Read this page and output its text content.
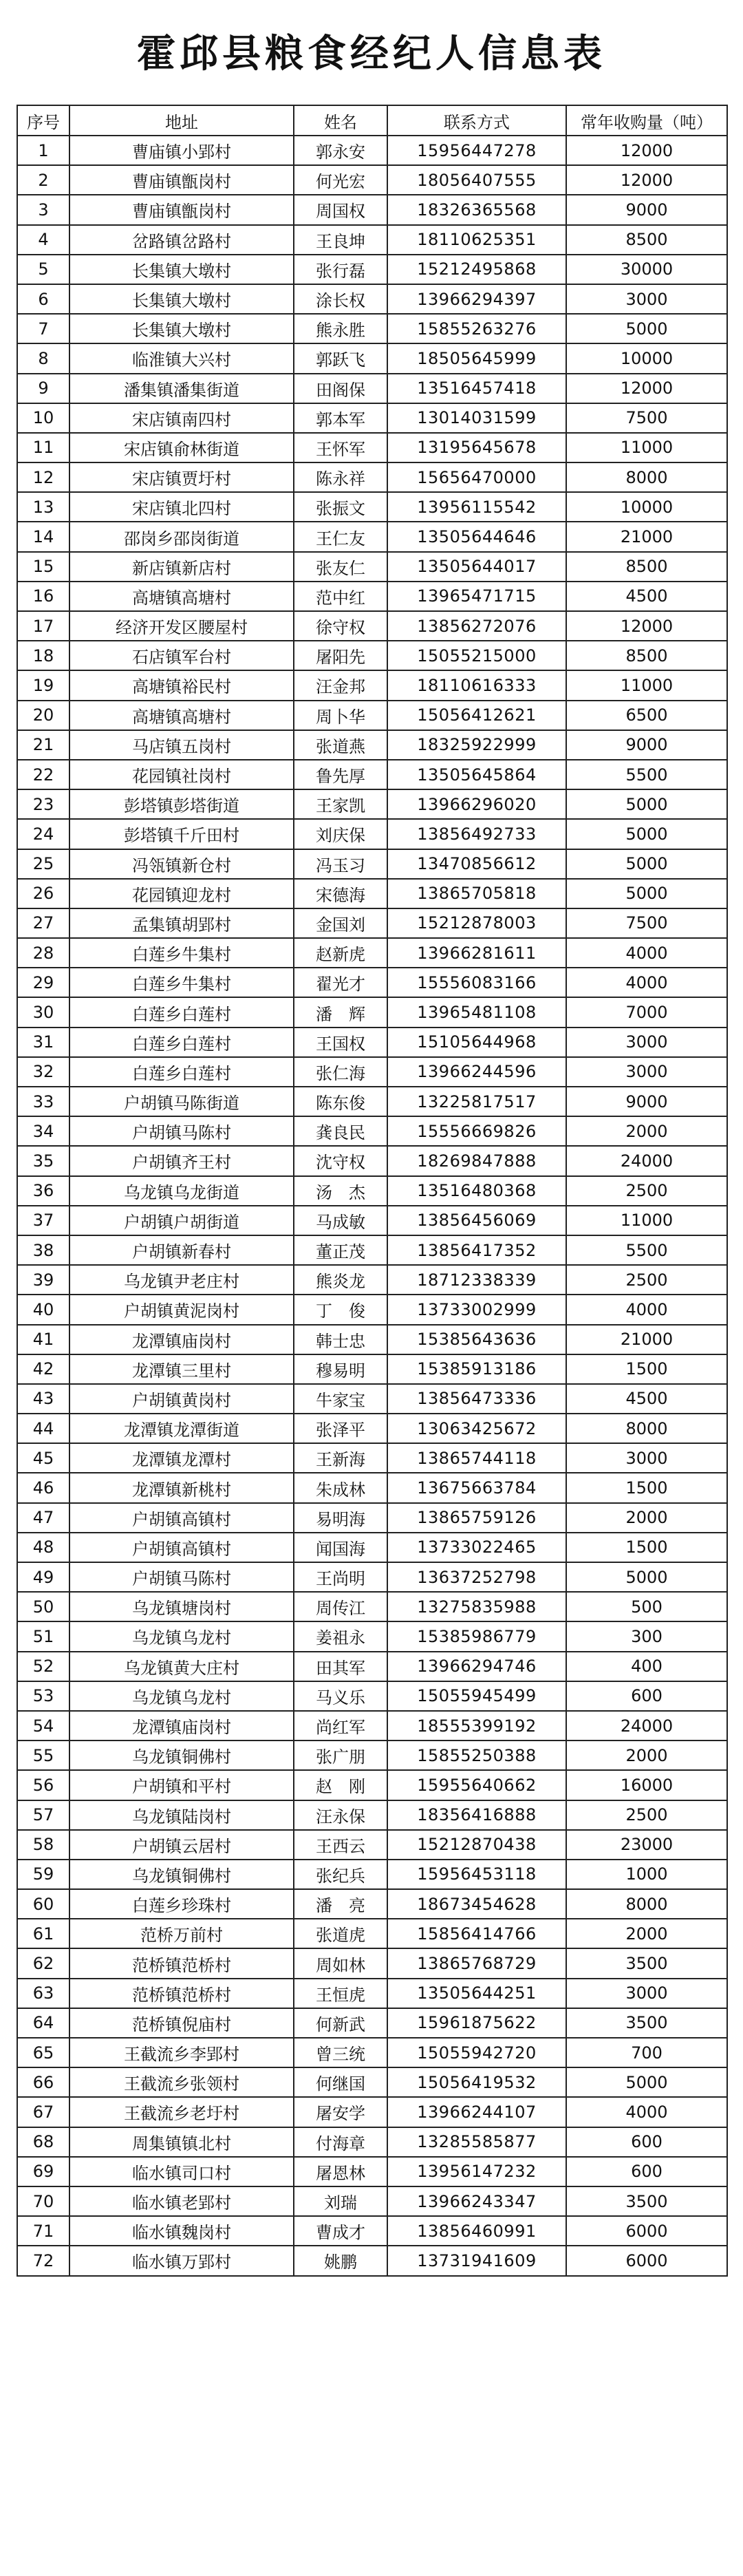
霍邱县粮食经纪人信息表
序号	地址	姓名	联系方式	常年收购量（吨）
1	曹庙镇小郢村	郭永安	15956447278	12000
2	曹庙镇甑岗村	何光宏	18056407555	12000
3	曹庙镇甑岗村	周国权	18326365568	9000
4	岔路镇岔路村	王良坤	18110625351	8500
5	长集镇大墩村	张行磊	15212495868	30000
6	长集镇大墩村	涂长权	13966294397	3000
7	长集镇大墩村	熊永胜	15855263276	5000
8	临淮镇大兴村	郭跃飞	18505645999	10000
9	潘集镇潘集街道	田阁保	13516457418	12000
10	宋店镇南四村	郭本军	13014031599	7500
11	宋店镇俞林街道	王怀军	13195645678	11000
12	宋店镇贾圩村	陈永祥	15656470000	8000
13	宋店镇北四村	张振文	13956115542	10000
14	邵岗乡邵岗街道	王仁友	13505644646	21000
15	新店镇新店村	张友仁	13505644017	8500
16	高塘镇高塘村	范中红	13965471715	4500
17	经济开发区腰屋村	徐守权	13856272076	12000
18	石店镇军台村	屠阳先	15055215000	8500
19	高塘镇裕民村	汪金邦	18110616333	11000
20	高塘镇高塘村	周卜华	15056412621	6500
21	马店镇五岗村	张道燕	18325922999	9000
22	花园镇社岗村	鲁先厚	13505645864	5500
23	彭塔镇彭塔街道	王家凯	13966296020	5000
24	彭塔镇千斤田村	刘庆保	13856492733	5000
25	冯瓴镇新仓村	冯玉习	13470856612	5000
26	花园镇迎龙村	宋德海	13865705818	5000
27	孟集镇胡郢村	金国刘	15212878003	7500
28	白莲乡牛集村	赵新虎	13966281611	4000
29	白莲乡牛集村	翟光才	15556083166	4000
30	白莲乡白莲村	潘　辉	13965481108	7000
31	白莲乡白莲村	王国权	15105644968	3000
32	白莲乡白莲村	张仁海	13966244596	3000
33	户胡镇马陈街道	陈东俊	13225817517	9000
34	户胡镇马陈村	龚良民	15556669826	2000
35	户胡镇齐王村	沈守权	18269847888	24000
36	乌龙镇乌龙街道	汤　杰	13516480368	2500
37	户胡镇户胡街道	马成敏	13856456069	11000
38	户胡镇新春村	董正茂	13856417352	5500
39	乌龙镇尹老庄村	熊炎龙	18712338339	2500
40	户胡镇黄泥岗村	丁　俊	13733002999	4000
41	龙潭镇庙岗村	韩士忠	15385643636	21000
42	龙潭镇三里村	穆易明	15385913186	1500
43	户胡镇黄岗村	牛家宝	13856473336	4500
44	龙潭镇龙潭街道	张泽平	13063425672	8000
45	龙潭镇龙潭村	王新海	13865744118	3000
46	龙潭镇新桃村	朱成林	13675663784	1500
47	户胡镇高镇村	易明海	13865759126	2000
48	户胡镇高镇村	闻国海	13733022465	1500
49	户胡镇马陈村	王尚明	13637252798	5000
50	乌龙镇塘岗村	周传江	13275835988	500
51	乌龙镇乌龙村	姜祖永	15385986779	300
52	乌龙镇黄大庄村	田其军	13966294746	400
53	乌龙镇乌龙村	马义乐	15055945499	600
54	龙潭镇庙岗村	尚红军	18555399192	24000
55	乌龙镇铜佛村	张广朋	15855250388	2000
56	户胡镇和平村	赵　刚	15955640662	16000
57	乌龙镇陆岗村	汪永保	18356416888	2500
58	户胡镇云居村	王西云	15212870438	23000
59	乌龙镇铜佛村	张纪兵	15956453118	1000
60	白莲乡珍珠村	潘　亮	18673454628	8000
61	范桥万前村	张道虎	15856414766	2000
62	范桥镇范桥村	周如林	13865768729	3500
63	范桥镇范桥村	王恒虎	13505644251	3000
64	范桥镇倪庙村	何新武	15961875622	3500
65	王截流乡李郢村	曾三统	15055942720	700
66	王截流乡张领村	何继国	15056419532	5000
67	王截流乡老圩村	屠安学	13966244107	4000
68	周集镇镇北村	付海章	13285585877	600
69	临水镇司口村	屠恩林	13956147232	600
70	临水镇老郢村	刘瑞	13966243347	3500
71	临水镇魏岗村	曹成才	13856460991	6000
72	临水镇万郢村	姚鹏	13731941609	6000
